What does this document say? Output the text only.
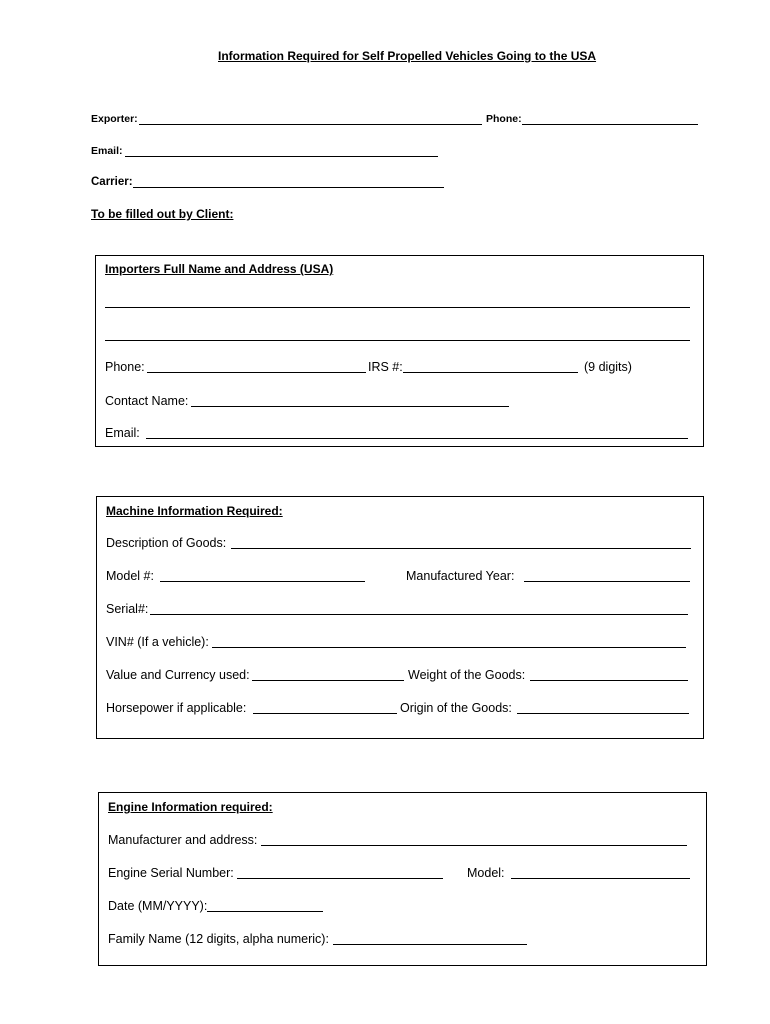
Information Required for Self Propelled Vehicles Going to the USA
Exporter:	Phone:
Email:
Carrier:
To be filled out by Client:
Importers Full Name and Address (USA)
Phone:	IRS #:	(9 digits)
Contact Name:
Email:
Machine Information Required:
Description of Goods:
Model #:	Manufactured Year:
Serial#:
VIN# (If a vehicle):
Value and Currency used:	Weight of the Goods:
Horsepower if applicable:	Origin of the Goods:
Engine Information required:
Manufacturer and address:
Engine Serial Number:	Model:
Date (MM/YYYY):
Family Name (12 digits, alpha numeric):
